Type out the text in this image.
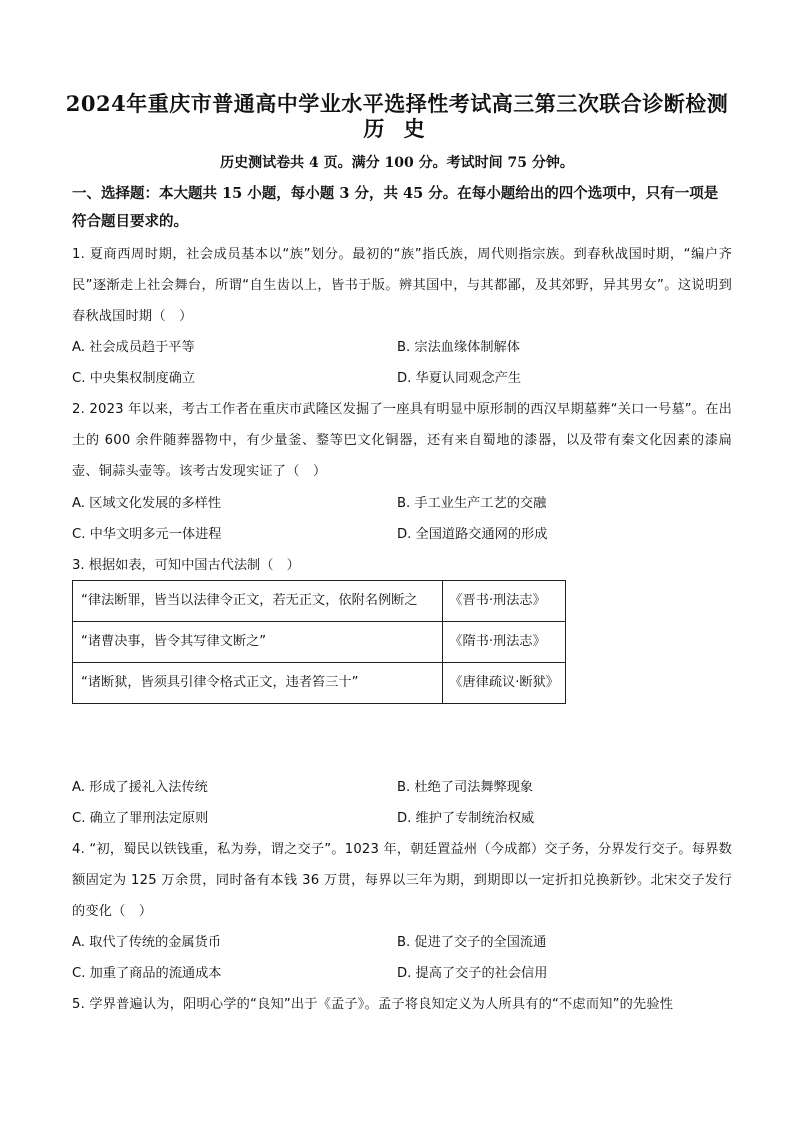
2024年重庆市普通高中学业水平选择性考试高三第三次联合诊断检测
历 史
历史测试卷共 4 页。满分 100 分。考试时间 75 分钟。
一、选择题：本大题共 15 小题，每小题 3 分，共 45 分。在每小题给出的四个选项中，只有一项是符合题目要求的。
1. 夏商西周时期，社会成员基本以“族”划分。最初的“族”指氏族，周代则指宗族。到春秋战国时期，“编户齐民”逐渐走上社会舞台，所谓“自生齿以上，皆书于版。辨其国中，与其都鄙，及其郊野，异其男女”。这说明到春秋战国时期（　）
A. 社会成员趋于平等	B. 宗法血缘体制解体
C. 中央集权制度确立	D. 华夏认同观念产生
2. 2023 年以来，考古工作者在重庆市武隆区发掘了一座具有明显中原形制的西汉早期墓葬“关口一号墓”。在出土的 600 余件随葬器物中，有少量釜、鍪等巴文化铜器，还有来自蜀地的漆器，以及带有秦文化因素的漆扁壶、铜蒜头壶等。该考古发现实证了（　）
A. 区域文化发展的多样性	B. 手工业生产工艺的交融
C. 中华文明多元一体进程	D. 全国道路交通网的形成
3. 根据如表，可知中国古代法制（　）
“律法断罪，皆当以法律令正文，若无正文，依附名例断之	《晋书·刑法志》
“诸曹决事，皆令其写律文断之”	《隋书·刑法志》
“诸断狱，皆须具引律令格式正文，违者笞三十”	《唐律疏议·断狱》
A. 形成了援礼入法传统	B. 杜绝了司法舞弊现象
C. 确立了罪刑法定原则	D. 维护了专制统治权威
4. “初，蜀民以铁钱重，私为券，谓之交子”。1023 年，朝廷置益州（今成都）交子务，分界发行交子。每界数额固定为 125 万余贯，同时备有本钱 36 万贯，每界以三年为期，到期即以一定折扣兑换新钞。北宋交子发行的变化（　）
A. 取代了传统的金属货币	B. 促进了交子的全国流通
C. 加重了商品的流通成本	D. 提高了交子的社会信用
5. 学界普遍认为，阳明心学的“良知”出于《孟子》。孟子将良知定义为人所具有的“不虑而知”的先验性
